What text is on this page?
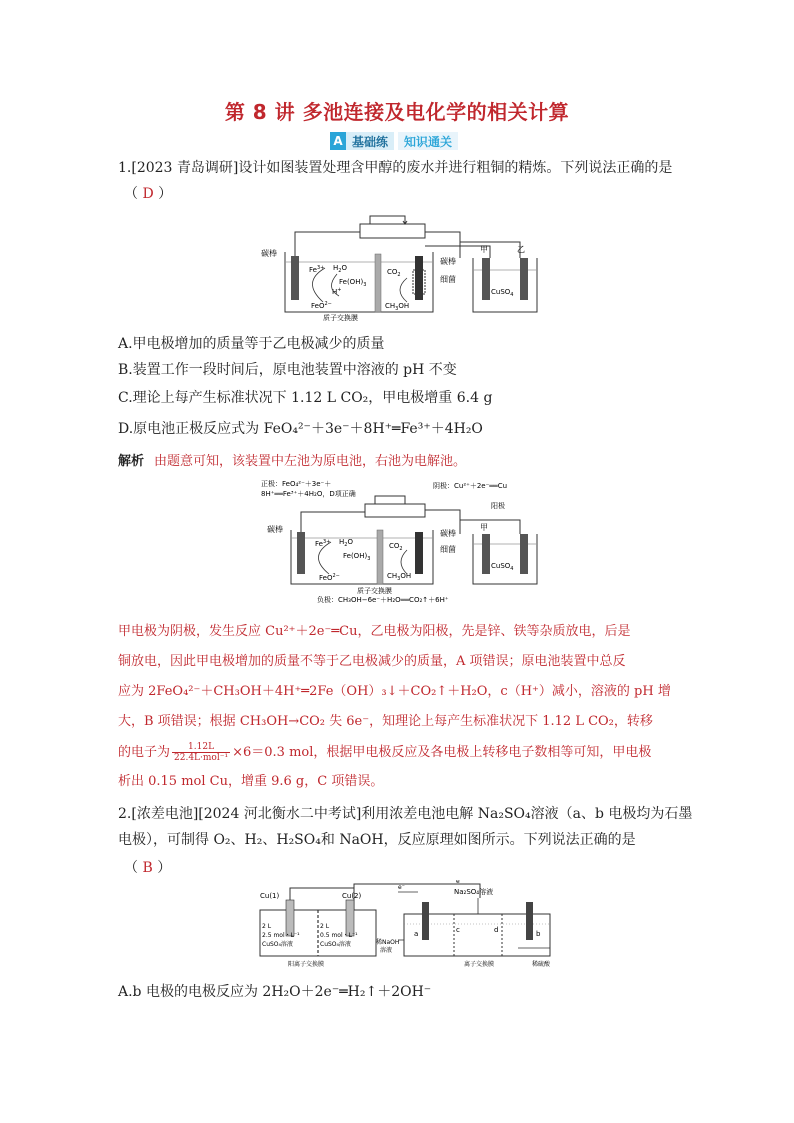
第 8 讲 多池连接及电化学的相关计算
A 基础练	知识通关
1.[2023 青岛调研]设计如图装置处理含甲醇的废水并进行粗铜的精炼。下列说法正确的是
（ D ）
碳棒
碳棒
细菌
质子交换膜
甲	乙
CuSO$_4$
$Fe^{3+}$ $H_2O$
$Fe(OH)_3$
H+
FeO$^{2-}$
$CO_2$
$CH_3OH$
A.甲电极增加的质量等于乙电极减少的质量
B.装置工作一段时间后，原电池装置中溶液的 pH 不变
C.理论上每产生标准状况下 1.12 L CO₂，甲电极增重 6.4 g
D.原电池正极反应式为 FeO₄²⁻＋3e⁻＋8H⁺═Fe³⁺＋4H₂O
解析 由题意可知，该装置中左池为原电池，右池为电解池。
正极：FeO₄²⁻＋3e⁻＋
8H⁺══Fe³⁺＋4H₂O，D项正确
阴极：Cu²⁺＋2e⁻══Cu
阳极
碳棒	碳棒
细菌
甲
CuSO$_4$
质子交换膜
负极：CH₃OH−6e⁻＋H₂O══CO₂↑＋6H⁺
$Fe^{3+}$ $H_2O$
$Fe(OH)_3$
FeO$^{2-}$
$CO_2$
$CH_3OH$
甲电极为阴极，发生反应 Cu²⁺＋2e⁻═Cu，乙电极为阳极，先是锌、铁等杂质放电，后是
铜放电，因此甲电极增加的质量不等于乙电极减少的质量，A 项错误；原电池装置中总反
应为 2FeO₄²⁻＋CH₃OH＋4H⁺═2Fe（OH）₃↓＋CO₂↑＋H₂O，c（H⁺）减小，溶液的 pH 增
大，B 项错误；根据 CH₃OH→CO₂ 失 6e⁻，知理论上每产生标准状况下 1.12 L CO₂，转移
的电子为 $\frac{1.12L}{\text{22.4L·mol⁻¹}} \times 6=0.3$ mol，根据甲电极反应及各电极上转移电子数相等可知，甲电极
析出 0.15 mol Cu，增重 9.6 g，C 项错误。
2.[浓差电池][2024 河北衡水二中考试]利用浓差电池电解 Na₂SO₄溶液（a、b 电极均为石墨
电极），可制得 O₂、H₂、H₂SO₄和 NaOH，反应原理如图所示。下列说法正确的是
（ B ）
Cu(1)	Cu(2)
2 L
2.5 mol・L⁻¹
CuSO₄溶液
2 L
0.5 mol・L⁻¹
CuSO₄溶液
阳离子交换膜
e⁻
e⁻
a	b
c	d
Na₂SO₄溶液
稀NaOH
溶液
稀硫酸
离子交换膜
A.b 电极的电极反应为 2H₂O＋2e⁻═H₂↑＋2OH⁻
